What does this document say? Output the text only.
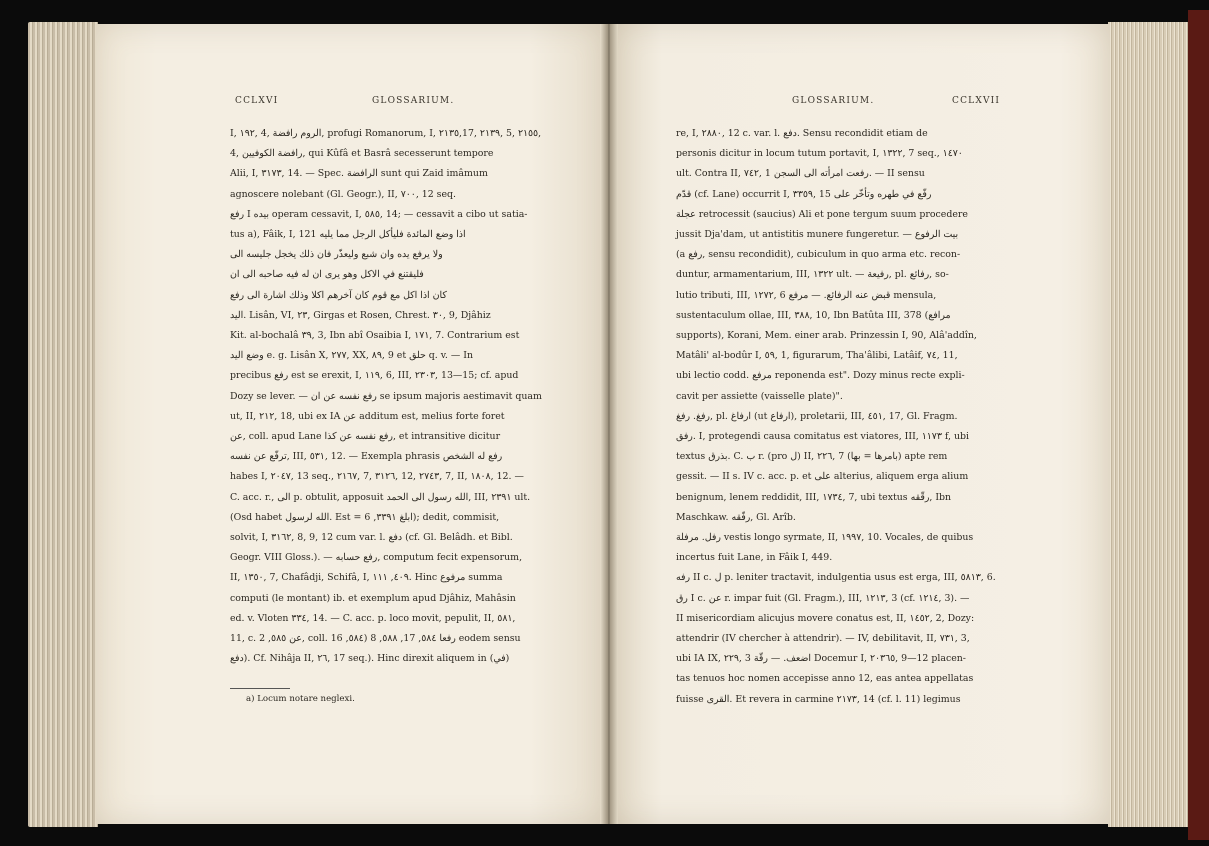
CCLXVI	GLOSSARIUM.	GLOSSARIUM.	CCLXVII
I, ١٩٢, 4, الروم رافضة, profugi Romanorum, I, ٢١٣٥,17, ٢١٣٩, 5, ٢١٥٥,
4, رافضة الكوفيين, qui Kûfâ et Basrâ secesserunt tempore
Alii, I, ٣١٧٣, 14. — Spec. الرافضة sunt qui Zaid imâmum
agnoscere nolebant (Gl. Geogr.), II, ٧٠٠, 12 seq.
رفع I بيده operam cessavit, I, ٥٨٥, 14; — cessavit a cibo ut satia-
tus a), Fâik, I, 121 اذا وضع المائدة فليأكل الرجل مما يليه
ولا يرفع يده وان شبع وليعذّر فان ذلك يخجل جليسه الى
فليقتنع في الاكل وهو يرى ان له فيه صاحبه الى ان
كان اذا اكل مع قوم كان آخرهم اكلا وذلك اشارة الى رفع
اليد. Lisân, VI, ٢٣, Girgas et Rosen, Chrest. ٣٠, 9, Djâhiz
Kit. al-bochalâ ٣٩, 3, Ibn abî Osaibia I, ١٧١, 7. Contrarium est
وضع اليد e. g. Lisân X, ٢٧٧, XX, ٨٩, 9 et حلق q. v. — In
precibus رفع est se erexit, I, ١١٩, 6, III, ٢٣٠٣, 13—15; cf. apud
Dozy se lever. — رفع نفسه عن ان se ipsum majoris aestimavit quam
ut, II, ٢١٢, 18, ubi ex IA عن additum est, melius forte foret
عن, coll. apud Lane رفع نفسه عن كذا, et intransitive dicitur
ترفّع عن نفسه, III, ٥٣١, 12. — Exempla phrasis رفع له الشخص
habes I, ٢٠٤٧, 13 seq., ٢١٦٧, 7, ٣١٢٦, 12, ٢٧٤٣, 7, II, ١٨٠٨, 12. —
C. acc. r., الى p. obtulit, apposuit الله رسول الى الحمد, III, ٢٣٩١ ult.
(Osd habet الله لرسول. Est = ابلغ ٣٣٩١, 6); dedit, commisit,
solvit, I, ٣١٦٢, 8, 9, 12 cum var. l. دفع (cf. Gl. Belâdh. et Bibl.
Geogr. VIII Gloss.). — رفع حسابه, computum fecit expensorum,
II, ١٣٥٠, 7, Chafâdji, Schifâ, I, ٤٠٩, ١١١. Hinc مرفوع summa
computi (le montant) ib. et exemplum apud Djâhiz, Mahâsin
ed. v. Vloten ٣٣٤, 14. — C. acc. p. loco movit, pepulit, II, ٥٨١,
11, c. عن ٥٨٥, 2, coll. رفعا ٥٨٤, 17, ٥٨٨, 8 (٥٨٤, 16 eodem sensu
دفع). Cf. Nihâja II, ٢٦, 17 seq.). Hinc direxit aliquem in (في)
a) Locum notare neglexi.
re, I, ٢٨٨٠, 12 c. var. l. دفع. Sensu recondidit etiam de
personis dicitur in locum tutum portavit, I, ١٣٢٢, 7 seq., ١٤٧٠
ult. Contra II, ٧٤٢, 1 رفعت امرأته الى السجن. — II sensu
قدّم (cf. Lane) occurrit I, ٣٣٥٩, 15 رفّع في طهره وتأخّر على
عجلة retrocessit (saucius) Ali et pone tergum suum procedere
jussit Dja'dam, ut antistitis munere fungeretur. — بيت الرفوع
(a رفع, sensu recondidit), cubiculum in quo arma etc. recon-
duntur, armamentarium, III, ١٣٢٢ ult. — رفيعة, pl. رفائع, so-
lutio tributi, III, ١٢٧٢, 6 قبض عنه الرفائع. — مرفع mensula,
sustentaculum ollae, III, ٣٨٨, 10, Ibn Batûta III, 378 (مرافع
supports), Korani, Mem. einer arab. Prinzessin I, 90, Alâ'addîn,
Matâli' al-bodûr I, ٥٩, 1, figurarum, Tha'âlibi, Latâif, ٧٤, 11,
ubi lectio codd. مرفع reponenda est". Dozy minus recte expli-
cavit per assiette (vaisselle plate)".
رفغ. رفغ, pl. ارفاغ (ut ارفاع), proletarii, III, ٤٥١, 17, Gl. Fragm.
رفق. I, protegendi causa comitatus est viatores, III, ١١٧٣ f, ubi
textus بذرق. C. ب r. (pro ل) II, ٢٢٦, 7 (بامرها = بها) apte rem
gessit. — II s. IV c. acc. p. et على alterius, aliquem erga alium
benignum, lenem reddidit, III, ١٧٣٤, 7, ubi textus رقّقه, Ibn
Maschkaw. رفّقه, Gl. Arîb.
رفل. مرفلة vestis longo syrmate, II, ١٩٩٧, 10. Vocales, de quibus
incertus fuit Lane, in Fâik I, 449.
رفه II c. ل p. leniter tractavit, indulgentia usus est erga, III, ٥٨١٣, 6.
رق I c. عن r. impar fuit (Gl. Fragm.), III, ١٢١٣, 3 (cf. ١٢١٤, 3). —
II misericordiam alicujus movere conatus est, II, ١٤٥٢, 2, Dozy:
attendrir (IV chercher à attendrir). — IV, debilitavit, II, ٧٣١, 3,
ubi IA IX, ٢٢٩, 3 اضعف. — رقّة Docemur I, ٢٠٣٦٥, 9—12 placen-
tas tenuos hoc nomen accepisse anno 12, eas antea appellatas
fuisse القرى. Et revera in carmine ٢١٧٣, 14 (cf. l. 11) legimus
